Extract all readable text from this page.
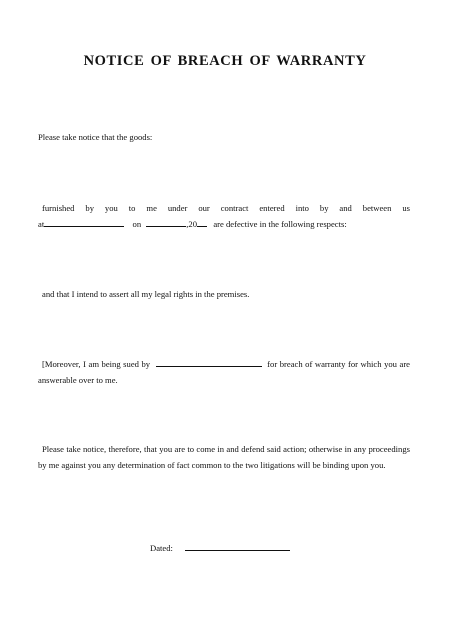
NOTICE OF BREACH OF WARRANTY
Please take notice that the goods:
furnished by you to me under our contract entered into by and between us
at	on	,20 are defective in the following respects:
and that I intend to assert all my legal rights in the premises.
[Moreover, I am being sued by	for breach of warranty for which you are answerable over to me.
Please take notice, therefore, that you are to come in and defend said action; otherwise in any proceedings by me against you any determination of fact common to the two litigations will be binding upon you.
Dated:
